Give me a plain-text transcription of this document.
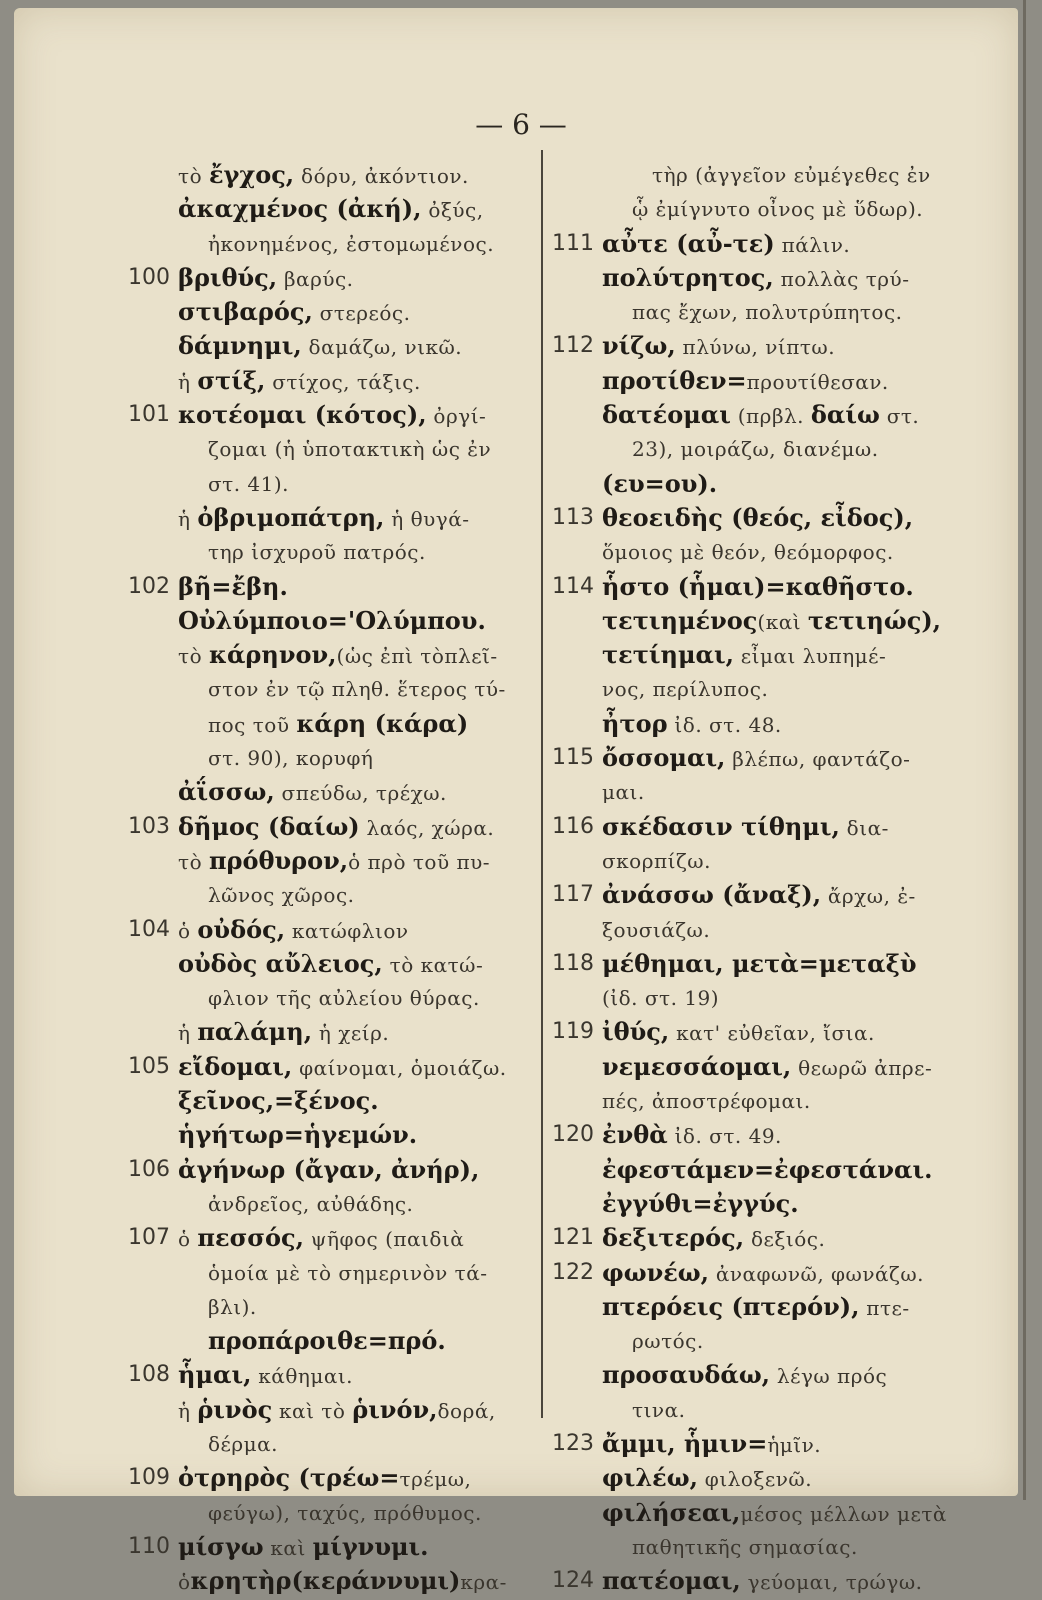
— 6 —
τὸ ἔγχος, δόρυ, ἀκόντιον.
ἀκαχμένος (ἀκή), ὀξύς,
ἠκονημένος, ἐστομωμένος.
100 βριθύς, βαρύς.
στιβαρός, στερεός.
δάμνημι, δαμάζω, νικῶ.
ἡ στίξ, στίχος, τάξις.
101 κοτέομαι (κότος), ὀργί-
ζομαι (ἡ ὑποτακτικὴ ὡς ἐν
στ. 41).
ἡ ὀβριμοπάτρη, ἡ θυγά-
τηρ ἰσχυροῦ πατρός.
102 βῆ=ἔβη.
Οὐλύμποιο='Ολύμπου.
τὸ κάρηνον,(ὡς ἐπὶ τὸπλεῖ-
στον ἐν τῷ πληθ. ἕτερος τύ-
πος τοῦ κάρη (κάρα)
στ. 90), κορυφή
ἀΐσσω, σπεύδω, τρέχω.
103 δῆμος (δαίω) λαός, χώρα.
τὸ πρόθυρον,ὁ πρὸ τοῦ πυ-
λῶνος χῶρος.
104 ὁ οὐδός, κατώφλιον
οὐδὸς αὔλειος, τὸ κατώ-
φλιον τῆς αὐλείου θύρας.
ἡ παλάμη, ἡ χείρ.
105 εἴδομαι, φαίνομαι, ὁμοιάζω.
ξεῖνος,=ξένος.
ἡγήτωρ=ἡγεμών.
106 ἀγήνωρ (ἄγαν, ἀνήρ),
ἀνδρεῖος, αὐθάδης.
107 ὁ πεσσός, ψῆφος (παιδιὰ
ὁμοία μὲ τὸ σημερινὸν τά-
βλι).
προπάροιθε=πρό.
108 ἧμαι, κάθημαι.
ἡ ῥινὸς καὶ τὸ ῥινόν,δορά,
δέρμα.
109 ὀτρηρὸς (τρέω=τρέμω,
φεύγω), ταχύς, πρόθυμος.
110 μίσγω καὶ μίγνυμι.
ὁκρητὴρ(κεράννυμι)κρα-
τὴρ (ἀγγεῖον εὐμέγεθες ἐν
ᾧ ἐμίγνυτο οἶνος μὲ ὕδωρ).
111 αὖτε (αὖ-τε) πάλιν.
πολύτρητος, πολλὰς τρύ-
πας ἔχων, πολυτρύπητος.
112 νίζω, πλύνω, νίπτω.
προτίθεν=προυτίθεσαν.
δατέομαι (πρβλ. δαίω στ.
23), μοιράζω, διανέμω.
(ευ=ου).
113 θεοειδὴς (θεός, εἶδος),
ὅμοιος μὲ θεόν, θεόμορφος.
114 ἧστο (ἧμαι)=καθῆστο.
τετιημένος(καὶ τετιηώς),
τετίημαι, εἶμαι λυπημέ-
νος, περίλυπος.
ἦτορ ἰδ. στ. 48.
115 ὄσσομαι, βλέπω, φαντάζο-
μαι.
116 σκέδασιν τίθημι, δια-
σκορπίζω.
117 ἀνάσσω (ἄναξ), ἄρχω, ἐ-
ξουσιάζω.
118 μέθημαι, μετὰ=μεταξὺ
(ἰδ. στ. 19)
119 ἰθύς, κατ' εὐθεῖαν, ἴσια.
νεμεσσάομαι, θεωρῶ ἀπρε-
πές, ἀποστρέφομαι.
120 ἐνθὰ ἰδ. στ. 49.
ἐφεστάμεν=ἐφεστάναι.
ἐγγύθι=ἐγγύς.
121 δεξιτερός, δεξιός.
122 φωνέω, ἀναφωνῶ, φωνάζω.
πτερόεις (πτερόν), πτε-
ρωτός.
προσαυδάω, λέγω πρός
τινα.
123 ἄμμι, ἧμιν=ἡμῖν.
φιλέω, φιλοξενῶ.
φιλήσεαι,μέσος μέλλων μετὰ
παθητικῆς σημασίας.
124 πατέομαι, γεύομαι, τρώγω.
